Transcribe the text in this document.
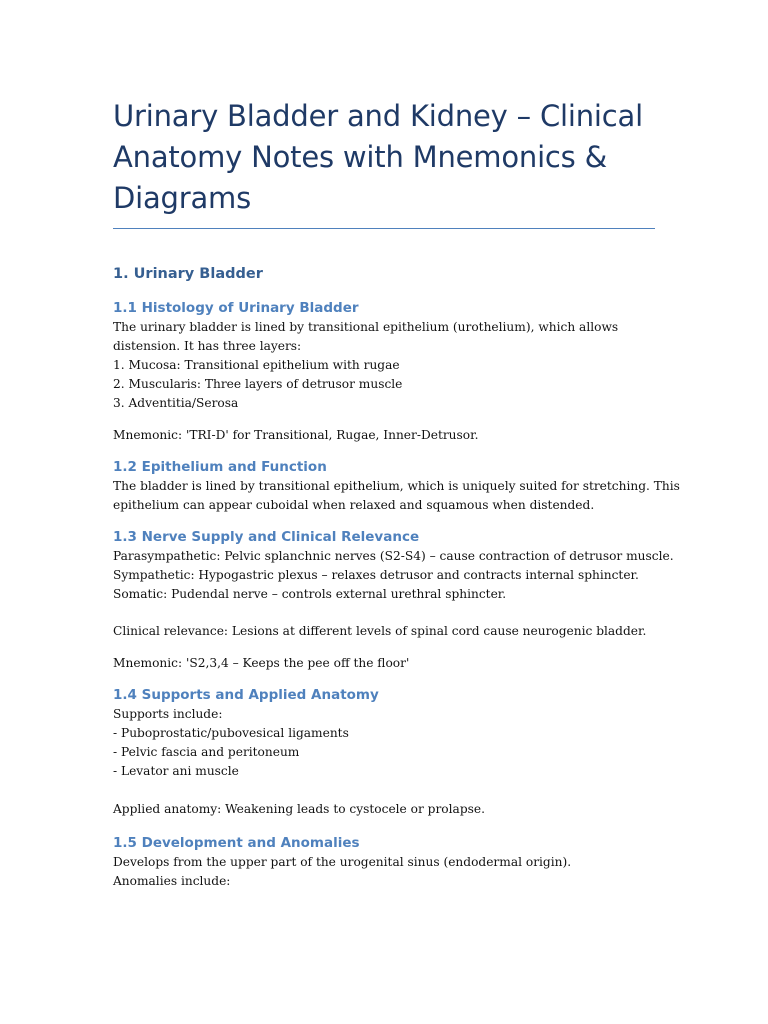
Urinary Bladder and Kidney – Clinical
Anatomy Notes with Mnemonics &
Diagrams
1. Urinary Bladder
1.1 Histology of Urinary Bladder

The urinary bladder is lined by transitional epithelium (urothelium), which allows
distension. It has three layers:
1. Mucosa: Transitional epithelium with rugae
2. Muscularis: Three layers of detrusor muscle
3. Adventitia/Serosa

Mnemonic: 'TRI-D' for Transitional, Rugae, Inner-Detrusor.

1.2 Epithelium and Function

The bladder is lined by transitional epithelium, which is uniquely suited for stretching. This
epithelium can appear cuboidal when relaxed and squamous when distended.

1.3 Nerve Supply and Clinical Relevance

Parasympathetic: Pelvic splanchnic nerves (S2-S4) – cause contraction of detrusor muscle.
Sympathetic: Hypogastric plexus – relaxes detrusor and contracts internal sphincter.
Somatic: Pudendal nerve – controls external urethral sphincter.

Clinical relevance: Lesions at different levels of spinal cord cause neurogenic bladder.

Mnemonic: 'S2,3,4 – Keeps the pee off the floor'

1.4 Supports and Applied Anatomy

Supports include:
- Puboprostatic/pubovesical ligaments
- Pelvic fascia and peritoneum
- Levator ani muscle

Applied anatomy: Weakening leads to cystocele or prolapse.

1.5 Development and Anomalies

Develops from the upper part of the urogenital sinus (endodermal origin).
Anomalies include:
